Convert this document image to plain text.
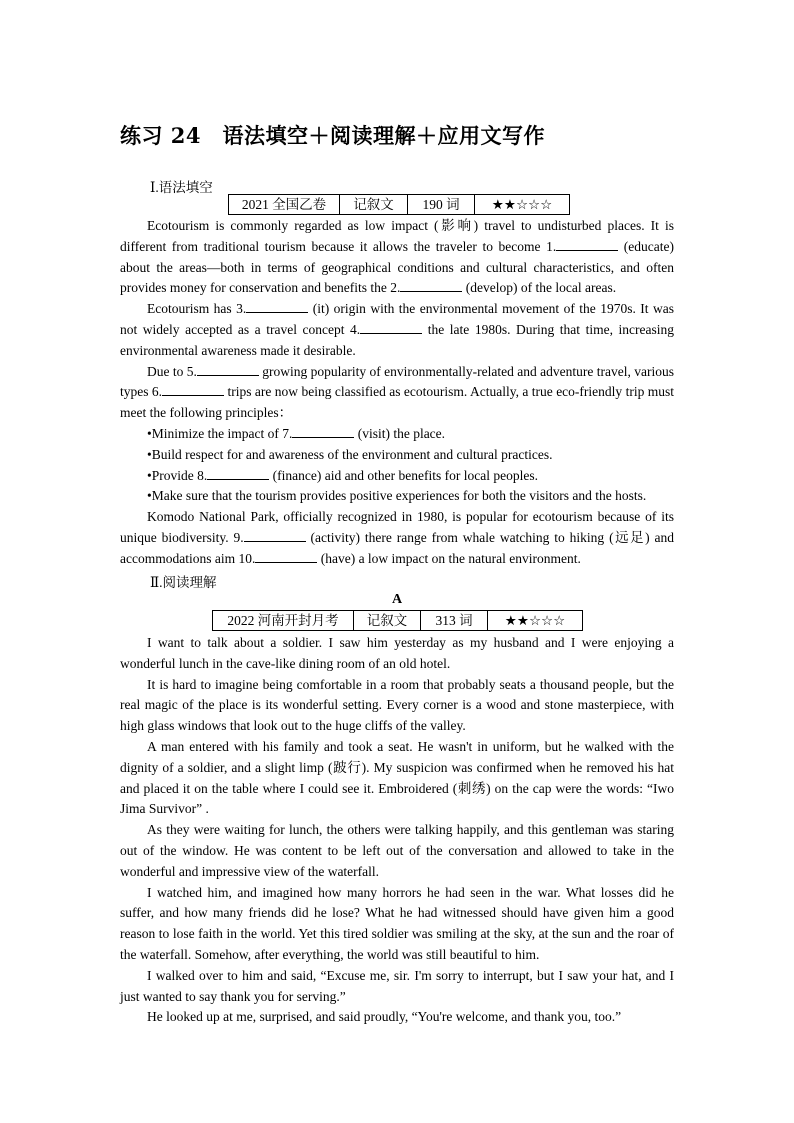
练习 24　语法填空＋阅读理解＋应用文写作
Ⅰ.语法填空
2021 全国乙卷	记叙文	190 词	★★☆☆☆

Ecotourism is commonly regarded as low impact (影响) travel to undisturbed places. It is different from traditional tourism because it allows the traveler to become 1.	(educate) about the areas—both in terms of geographical conditions and cultural characteristics, and often provides money for conservation and benefits the 2.	(develop) of the local areas.

Ecotourism has 3.	(it) origin with the environmental movement of the 1970s. It was not widely accepted as a travel concept 4.	the late 1980s. During that time, increasing environmental awareness made it desirable.

Due to 5.	growing popularity of environmentally-related and adventure travel, various types 6.	trips are now being classified as ecotourism. Actually, a true eco-friendly trip must meet the following principles：

•Minimize the impact of 7.	(visit) the place.

•Build respect for and awareness of the environment and cultural practices.

•Provide 8.	(finance) aid and other benefits for local peoples.

•Make sure that the tourism provides positive experiences for both the visitors and the hosts.

Komodo National Park, officially recognized in 1980, is popular for ecotourism because of its unique biodiversity. 9.	(activity) there range from whale watching to hiking (远足) and accommodations aim 10.	(have) a low impact on the natural environment.

Ⅱ.阅读理解
A
2022 河南开封月考	记叙文	313 词	★★☆☆☆

I want to talk about a soldier. I saw him yesterday as my husband and I were enjoying a wonderful lunch in the cave-like dining room of an old hotel.

It is hard to imagine being comfortable in a room that probably seats a thousand people, but the real magic of the place is its wonderful setting. Every corner is a wood and stone masterpiece, with high glass windows that look out to the huge cliffs of the valley.

A man entered with his family and took a seat. He wasn't in uniform, but he walked with the dignity of a soldier, and a slight limp (跛行). My suspicion was confirmed when he removed his hat and placed it on the table where I could see it. Embroidered (刺绣) on the cap were the words: “Iwo Jima Survivor” .

As they were waiting for lunch, the others were talking happily, and this gentleman was staring out of the window. He was content to be left out of the conversation and allowed to take in the wonderful and impressive view of the waterfall.

I watched him, and imagined how many horrors he had seen in the war. What losses did he suffer, and how many friends did he lose? What he had witnessed should have given him a good reason to lose faith in the world. Yet this tired soldier was smiling at the sky, at the sun and the roar of the waterfall. Somehow, after everything, the world was still beautiful to him.

I walked over to him and said, “Excuse me, sir. I'm sorry to interrupt, but I saw your hat, and I just wanted to say thank you for serving.”

He looked up at me, surprised, and said proudly, “You're welcome, and thank you, too.”
